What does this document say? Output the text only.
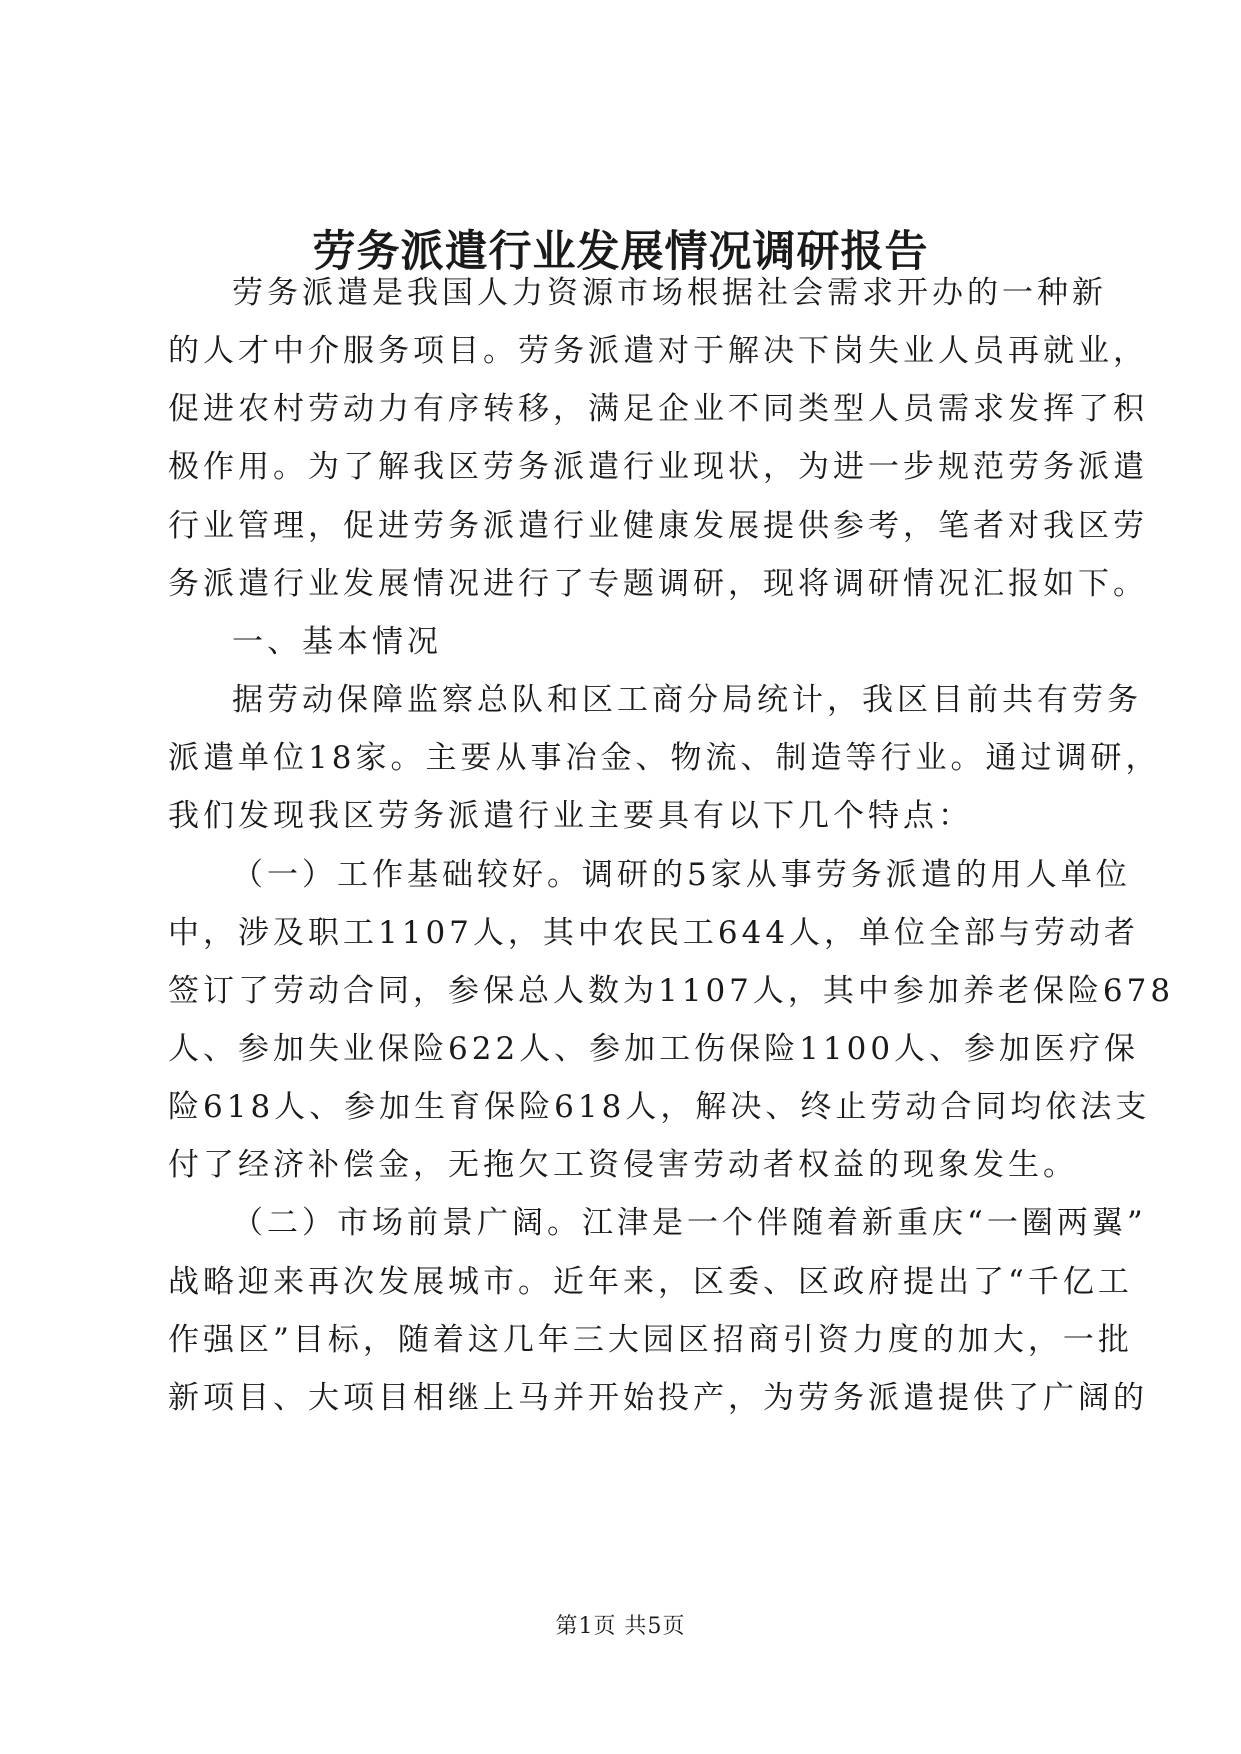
劳务派遣行业发展情况调研报告

劳务派遣是我国人力资源市场根据社会需求开办的一种新

的人才中介服务项目。劳务派遣对于解决下岗失业人员再就业，

促进农村劳动力有序转移，满足企业不同类型人员需求发挥了积

极作用。为了解我区劳务派遣行业现状，为进一步规范劳务派遣

行业管理，促进劳务派遣行业健康发展提供参考，笔者对我区劳

务派遣行业发展情况进行了专题调研，现将调研情况汇报如下。

一、基本情况

据劳动保障监察总队和区工商分局统计，我区目前共有劳务

派遣单位18家。主要从事冶金、物流、制造等行业。通过调研，

我们发现我区劳务派遣行业主要具有以下几个特点：

（一）工作基础较好。调研的5家从事劳务派遣的用人单位

中，涉及职工1107人，其中农民工644人，单位全部与劳动者

签订了劳动合同，参保总人数为1107人，其中参加养老保险678

人、参加失业保险622人、参加工伤保险1100人、参加医疗保

险618人、参加生育保险618人，解决、终止劳动合同均依法支

付了经济补偿金，无拖欠工资侵害劳动者权益的现象发生。

（二）市场前景广阔。江津是一个伴随着新重庆“一圈两翼”

战略迎来再次发展城市。近年来，区委、区政府提出了“千亿工

作强区”目标，随着这几年三大园区招商引资力度的加大，一批

新项目、大项目相继上马并开始投产，为劳务派遣提供了广阔的

第1页 共5页
